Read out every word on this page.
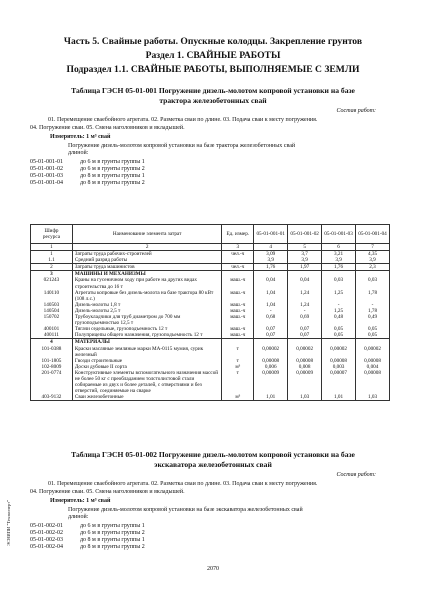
Часть 5. Свайные работы. Опускные колодцы. Закрепление грунтов
Раздел 1. СВАЙНЫЕ РАБОТЫ
Подраздел 1.1. СВАЙНЫЕ РАБОТЫ, ВЫПОЛНЯЕМЫЕ С ЗЕМЛИ
Таблица ГЭСН 05-01-001 Погружение дизель-молотом копровой установки на базе
трактора железобетонных свай
Состав работ:
01. Перемещение сваебойного агрегата. 02. Разметка сваи по длине. 03. Подача сваи к месту погружения.
04. Погружение сваи. 05. Смена наголовников и вкладышей.
Измеритель: 1 м³ свай
Погружение дизель-молотом копровой установки на базе трактора железобетонных свай
длиной:
05-01-001-01	до 6 м в грунты группы 1
05-01-001-02	до 6 м в грунты группы 2
05-01-001-03	до 8 м в грунты группы 1
05-01-001-04	до 8 м в грунты группы 2
Шифр
ресурса	Наименование элемента затрат	Ед. измер.	05-01-001-01	05-01-001-02	05-01-001-03	05-01-001-04
1	2	3	4	5	6	7
1	Затраты труда рабочих-строителей	чел.-ч	3,09	3,7	3,21	4,35
1.1	Средний разряд работы		3,9	3,9	3,9	3,9
2	Затраты труда машинистов	чел.-ч	1,76	1,97	1,76	2,3
3	МАШИНЫ И МЕХАНИЗМЫ					
021243	Краны на гусеничном ходу при работе на других видах строительства до 16 т	маш.-ч	0,04	0,04	0,03	0,03
140110	Агрегаты копровые без дизель-молота на базе трактора 80 кВт (108 л.с.)	маш.-ч	1,04	1,24	1,25	1,78
140503	Дизель-молоты 1,8 т	маш.-ч	1,04	1,24	-	-
140504	Дизель-молоты 2,5 т	маш.-ч	-	-	1,25	1,78
150702	Трубоукладчики для труб диаметром до 700 мм грузоподъемностью 12,5 т	маш.-ч	0,68	0,69	0,48	0,49
400101	Тягачи седельные, грузоподъемность 12 т	маш.-ч	0,07	0,07	0,05	0,05
400111	Полуприцепы общего назначения, грузоподъемность 12 т	маш.-ч	0,07	0,07	0,05	0,05
4	МАТЕРИАЛЫ					
101-0388	Краски масляные земляные марки МА-0115 мумия, сурик железный	т	0,00002	0,00002	0,00002	0,00002
101-1805	Гвозди строительные	т	0,00008	0,00008	0,00008	0,00008
102-8009	Доски дубовые II сорта	м³	0,006	0,008	0,003	0,004
201-0774	Конструктивные элементы вспомогательного назначения массой не более 50 кг с преобладанием толстолистовой стали собираемые из двух и более деталей, с отверстиями и без отверстий, соединяемые на сварке	т	0,00009	0,00009	0,00007	0,00008
403-9132	Сваи железобетонные	м³	1,01	1,03	1,01	1,03
Таблица ГЭСН 05-01-002 Погружение дизель-молотом копровой установки на базе
экскаватора железобетонных свай
Состав работ:
01. Перемещение сваебойного агрегата. 02. Разметка сваи по длине. 03. Подача сваи к месту погружения.
04. Погружение сваи. 05. Смена наголовников и вкладышей.
Измеритель: 1 м³ свай
Погружение дизель-молотом копровой установки на базе экскаватора железобетонных свай
длиной:
05-01-002-01	до 6 м в грунты группы 1
05-01-002-02	до 6 м в грунты группы 2
05-01-002-03	до 8 м в грунты группы 1
05-01-002-04	до 8 м в грунты группы 2
2070
ЭСНИПИ "Техэксперт"
